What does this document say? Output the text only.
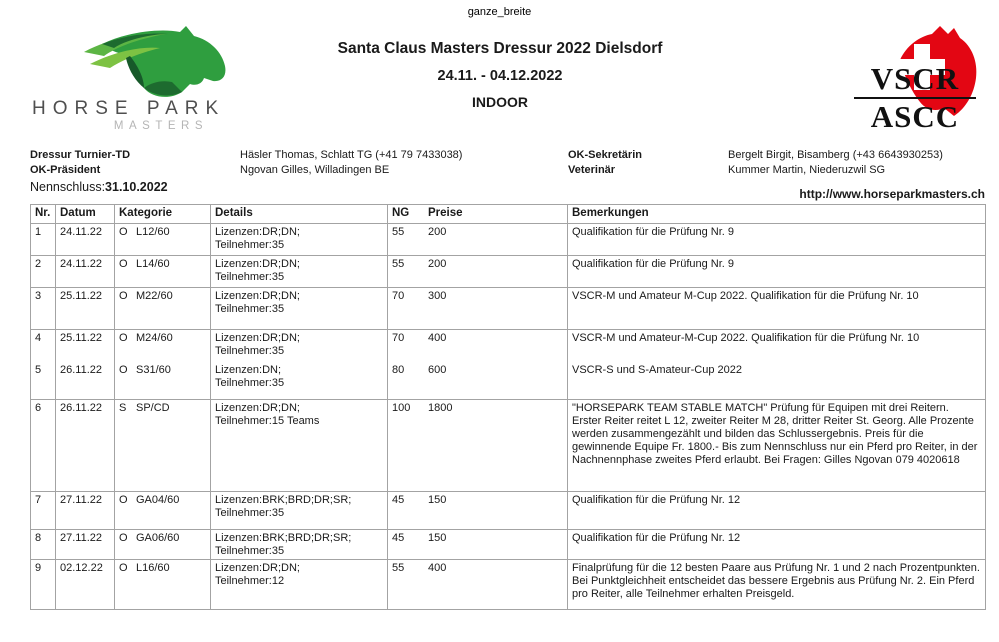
ganze_breite
HORSE PARK
MASTERS
Santa Claus Masters Dressur 2022 Dielsdorf
24.11. - 04.12.2022
INDOOR
VSCR
ASCC
Dressur Turnier-TD	Häsler Thomas, Schlatt TG (+41 79 7433038)	OK-Sekretärin	Bergelt Birgit, Bisamberg (+43 6643930253)
OK-Präsident	Ngovan Gilles, Willadingen BE	Veterinär	Kummer Martin, Niederuzwil SG
Nennschluss:31.10.2022	http://www.horseparkmasters.ch
Nr.	Datum	Kategorie	Details	NG Preise	Bemerkungen
1	24.11.22	O L12/60	Lizenzen:DR;DN;
Teilnehmer:35	55 200	Qualifikation für die Prüfung Nr. 9
2	24.11.22	O L14/60	Lizenzen:DR;DN;
Teilnehmer:35	55 200	Qualifikation für die Prüfung Nr. 9
3	25.11.22	O M22/60	Lizenzen:DR;DN;
Teilnehmer:35	70 300	VSCR-M und Amateur M-Cup 2022. Qualifikation für die Prüfung Nr. 10
4	25.11.22	O M24/60	Lizenzen:DR;DN;
Teilnehmer:35	70 400	VSCR-M und Amateur-M-Cup 2022. Qualifikation für die Prüfung Nr. 10
5	26.11.22	O S31/60	Lizenzen:DN;
Teilnehmer:35	80 600	VSCR-S und S-Amateur-Cup 2022
6	26.11.22	S SP/CD	Lizenzen:DR;DN;
Teilnehmer:15 Teams	100 1800	"HORSEPARK TEAM STABLE MATCH" Prüfung für Equipen mit drei Reitern. Erster Reiter reitet L 12, zweiter Reiter M 28, dritter Reiter St. Georg. Alle Prozente werden zusammengezählt und bilden das Schlussergebnis. Preis für die gewinnende Equipe Fr. 1800.- Bis zum Nennschluss nur ein Pferd pro Reiter, in der Nachnennphase zweites Pferd erlaubt. Bei Fragen: Gilles Ngovan 079 4020618
7	27.11.22	O GA04/60	Lizenzen:BRK;BRD;DR;SR;
Teilnehmer:35	45 150	Qualifikation für die Prüfung Nr. 12
8	27.11.22	O GA06/60	Lizenzen:BRK;BRD;DR;SR;
Teilnehmer:35	45 150	Qualifikation für die Prüfung Nr. 12
9	02.12.22	O L16/60	Lizenzen:DR;DN;
Teilnehmer:12	55 400	Finalprüfung für die 12 besten Paare aus Prüfung Nr. 1 und 2 nach Prozentpunkten. Bei Punktgleichheit entscheidet das bessere Ergebnis aus Prüfung Nr. 2. Ein Pferd pro Reiter, alle Teilnehmer erhalten Preisgeld.
